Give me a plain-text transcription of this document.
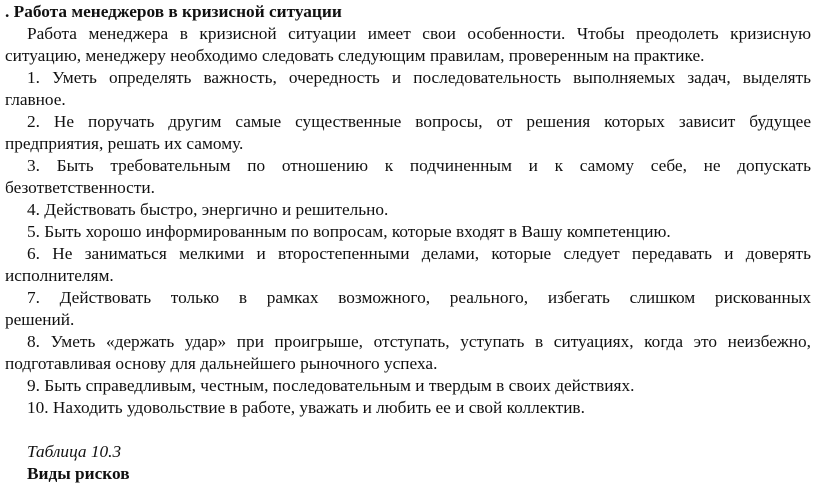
. Работа менеджеров в кризисной ситуации
Работа менеджера в кризисной ситуации имеет свои особенности. Чтобы преодолеть кризисную
ситуацию, менеджеру необходимо следовать следующим правилам, проверенным на практике.
1. Уметь определять важность, очередность и последовательность выполняемых задач, выделять
главное.
2. Не поручать другим самые существенные вопросы, от решения которых зависит будущее
предприятия, решать их самому.
3. Быть требовательным по отношению к подчиненным и к самому себе, не допускать
безответственности.
4. Действовать быстро, энергично и решительно.
5. Быть хорошо информированным по вопросам, которые входят в Вашу компетенцию.
6. Не заниматься мелкими и второстепенными делами, которые следует передавать и доверять
исполнителям.
7. Действовать только в рамках возможного, реального, избегать слишком рискованных
решений.
8. Уметь «держать удар» при проигрыше, отступать, уступать в ситуациях, когда это неизбежно,
подготавливая основу для дальнейшего рыночного успеха.
9. Быть справедливым, честным, последовательным и твердым в своих действиях.
10. Находить удовольствие в работе, уважать и любить ее и свой коллектив.
Таблица 10.3
Виды рисков
